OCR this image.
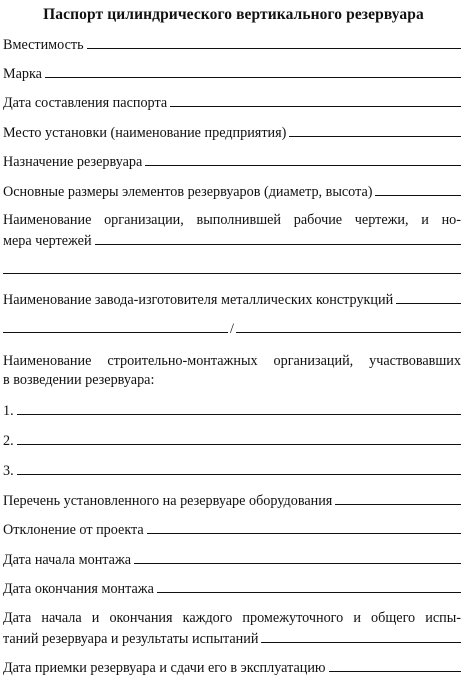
Паспорт цилиндрического вертикального резервуара
Вместимость
Марка
Дата составления паспорта
Место установки (наименование предприятия)
Назначение резервуара
Основные размеры элементов резервуаров (диаметр, высота)
Наименование организации, выполнившей рабочие чертежи, и но-
мера чертежей
Наименование завода-изготовителя металлических конструкций
/
Наименование строительно-монтажных организаций, участвовавших
в возведении резервуара:
1.
2.
3.
Перечень установленного на резервуаре оборудования
Отклонение от проекта
Дата начала монтажа
Дата окончания монтажа
Дата начала и окончания каждого промежуточного и общего испы-
таний резервуара и результаты испытаний
Дата приемки резервуара и сдачи его в эксплуатацию
